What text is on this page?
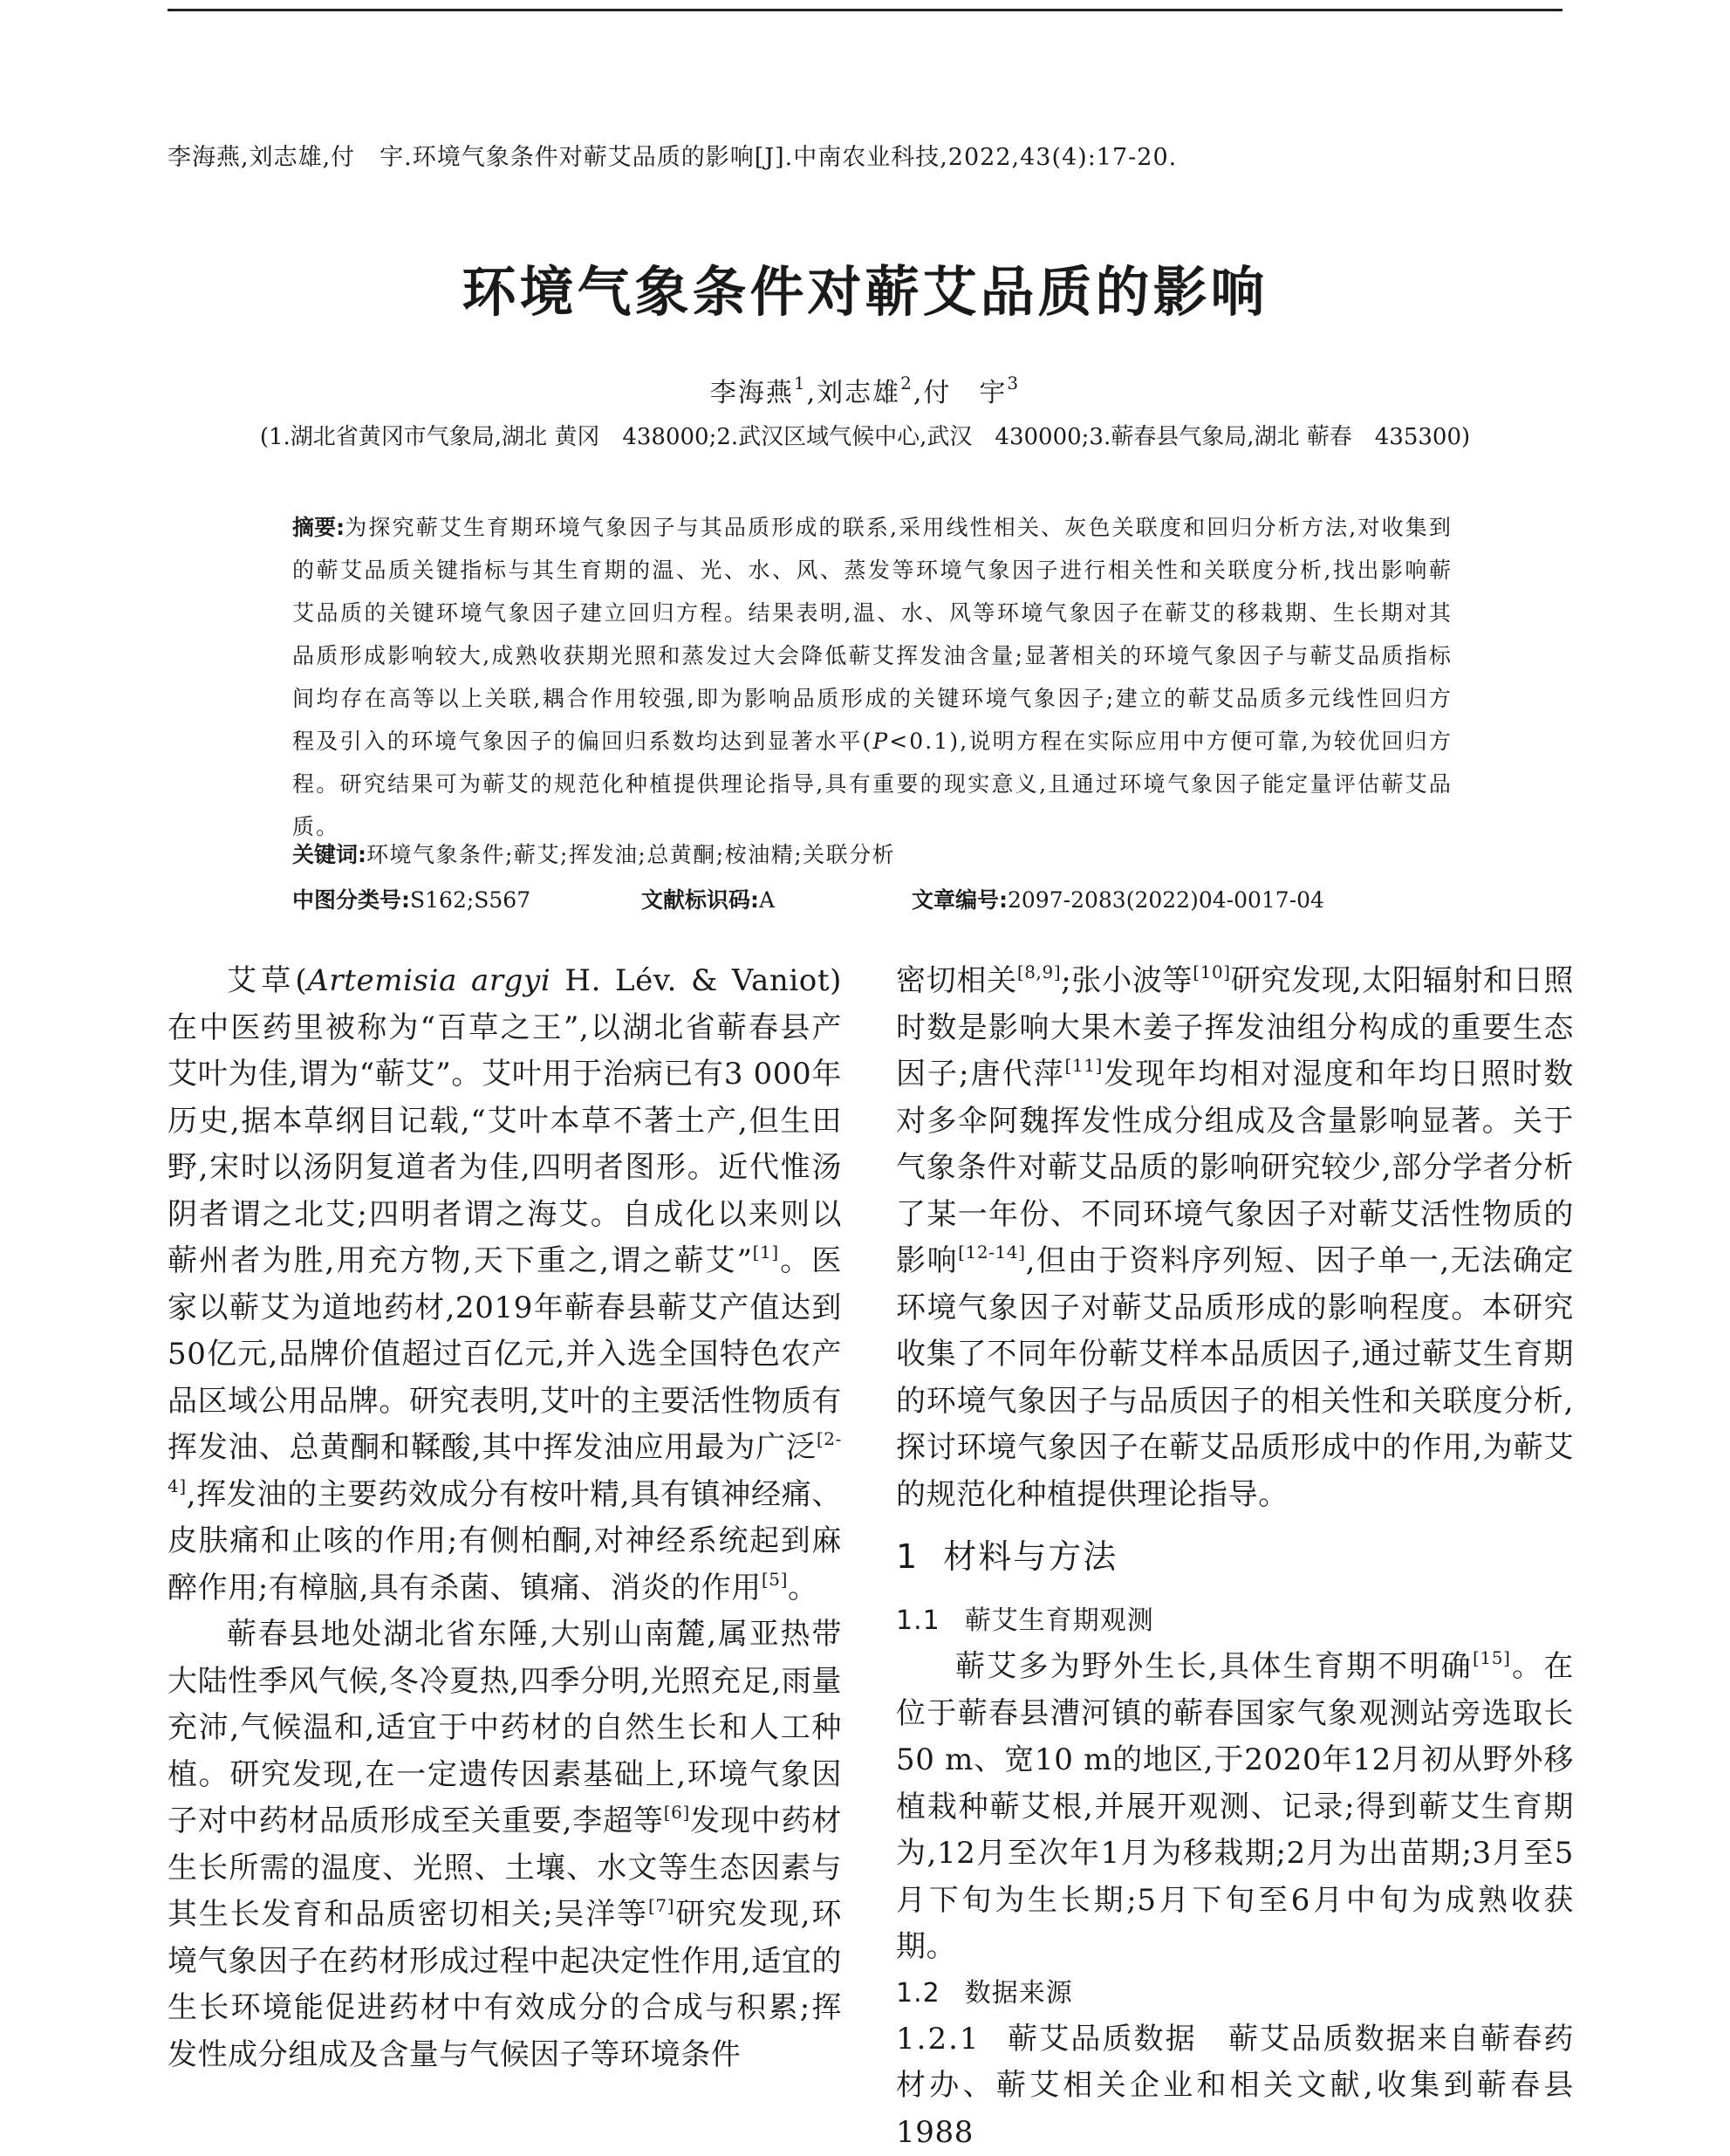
李海燕,刘志雄,付　宇.环境气象条件对蕲艾品质的影响[J].中南农业科技,2022,43(4):17-20.
环境气象条件对蕲艾品质的影响
李海燕$^1$,刘志雄$^2$,付　宇$^3$
(1.湖北省黄冈市气象局,湖北 黄冈　438000;2.武汉区域气候中心,武汉　430000;3.蕲春县气象局,湖北 蕲春　435300)
摘要:为探究蕲艾生育期环境气象因子与其品质形成的联系,采用线性相关、灰色关联度和回归分析方法,对收集到的蕲艾品质关键指标与其生育期的温、光、水、风、蒸发等环境气象因子进行相关性和关联度分析,找出影响蕲艾品质的关键环境气象因子建立回归方程。结果表明,温、水、风等环境气象因子在蕲艾的移栽期、生长期对其品质形成影响较大,成熟收获期光照和蒸发过大会降低蕲艾挥发油含量;显著相关的环境气象因子与蕲艾品质指标间均存在高等以上关联,耦合作用较强,即为影响品质形成的关键环境气象因子;建立的蕲艾品质多元线性回归方程及引入的环境气象因子的偏回归系数均达到显著水平(P<0.1),说明方程在实际应用中方便可靠,为较优回归方程。研究结果可为蕲艾的规范化种植提供理论指导,具有重要的现实意义,且通过环境气象因子能定量评估蕲艾品质。
关键词:环境气象条件;蕲艾;挥发油;总黄酮;桉油精;关联分析
中图分类号:S162;S567	文献标识码:A	文章编号:2097-2083(2022)04-0017-04

艾草(Artemisia argyi H. Lév. & Vaniot)在中医药里被称为“百草之王”,以湖北省蕲春县产艾叶为佳,谓为“蕲艾”。艾叶用于治病已有3 000年历史,据本草纲目记载,“艾叶本草不著土产,但生田野,宋时以汤阴复道者为佳,四明者图形。近代惟汤阴者谓之北艾;四明者谓之海艾。自成化以来则以蕲州者为胜,用充方物,天下重之,谓之蕲艾”[1]。医家以蕲艾为道地药材,2019年蕲春县蕲艾产值达到50亿元,品牌价值超过百亿元,并入选全国特色农产品区域公用品牌。研究表明,艾叶的主要活性物质有挥发油、总黄酮和鞣酸,其中挥发油应用最为广泛[2-4],挥发油的主要药效成分有桉叶精,具有镇神经痛、皮肤痛和止咳的作用;有侧柏酮,对神经系统起到麻醉作用;有樟脑,具有杀菌、镇痛、消炎的作用[5]。

蕲春县地处湖北省东陲,大别山南麓,属亚热带大陆性季风气候,冬冷夏热,四季分明,光照充足,雨量充沛,气候温和,适宜于中药材的自然生长和人工种植。研究发现,在一定遗传因素基础上,环境气象因子对中药材品质形成至关重要,李超等[6]发现中药材生长所需的温度、光照、土壤、水文等生态因素与其生长发育和品质密切相关;吴洋等[7]研究发现,环境气象因子在药材形成过程中起决定性作用,适宜的生长环境能促进药材中有效成分的合成与积累;挥发性成分组成及含量与气候因子等环境条件

密切相关[8,9];张小波等[10]研究发现,太阳辐射和日照时数是影响大果木姜子挥发油组分构成的重要生态因子;唐代萍[11]发现年均相对湿度和年均日照时数对多伞阿魏挥发性成分组成及含量影响显著。关于气象条件对蕲艾品质的影响研究较少,部分学者分析了某一年份、不同环境气象因子对蕲艾活性物质的影响[12-14],但由于资料序列短、因子单一,无法确定环境气象因子对蕲艾品质形成的影响程度。本研究收集了不同年份蕲艾样本品质因子,通过蕲艾生育期的环境气象因子与品质因子的相关性和关联度分析,探讨环境气象因子在蕲艾品质形成中的作用,为蕲艾的规范化种植提供理论指导。

1 材料与方法
1.1 蕲艾生育期观测

蕲艾多为野外生长,具体生育期不明确[15]。在位于蕲春县漕河镇的蕲春国家气象观测站旁选取长50 m、宽10 m的地区,于2020年12月初从野外移植栽种蕲艾根,并展开观测、记录;得到蕲艾生育期为,12月至次年1月为移栽期;2月为出苗期;3月至5月下旬为生长期;5月下旬至6月中旬为成熟收获期。

1.2 数据来源

1.2.1 蕲艾品质数据　蕲艾品质数据来自蕲春药材办、蕲艾相关企业和相关文献,收集到蕲春县1988
